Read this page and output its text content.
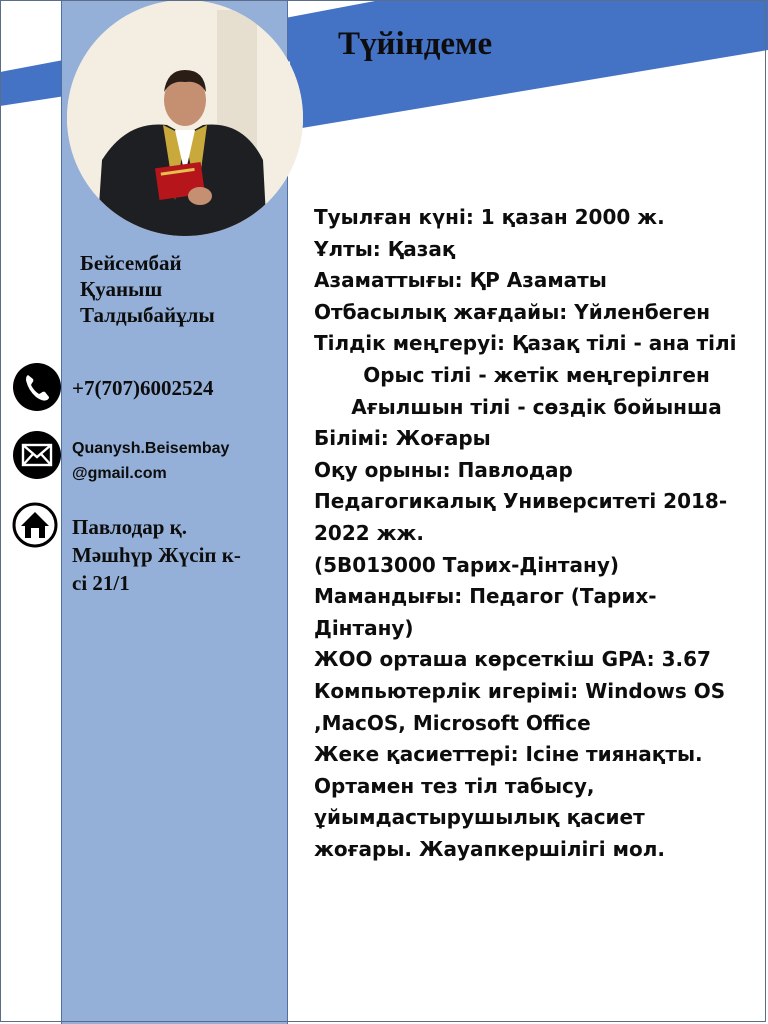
Түйіндеме
Бейсембай
Қуаныш
Талдыбайұлы
+7(707)6002524
Quanysh.Beisembay
@gmail.com
Павлодар қ.
Мәшһүр Жүсіп к-
сі 21/1
Туылған күні: 1 қазан 2000 ж.
Ұлты: Қазақ
Азаматтығы: ҚР Азаматы
Отбасылық жағдайы: Үйленбеген
Тілдік меңгеруі: Қазақ тілі - ана тілі
Орыс тілі - жетік меңгерілген
Ағылшын тілі - сөздік бойынша
Білімі: Жоғары
Оқу орыны: Павлодар
Педагогикалық Университеті 2018-
2022 жж.
(5В013000 Тарих-Дінтану)
Мамандығы: Педагог (Тарих-
Дінтану)
ЖОО орташа көрсеткіш GPA: 3.67
Компьютерлік игерімі: Windows OS
,MacOS, Microsoft Office
Жеке қасиеттері: Ісіне тиянақты.
Ортамен тез тіл табысу,
ұйымдастырушылық қасиет
жоғары. Жауапкершілігі мол.
